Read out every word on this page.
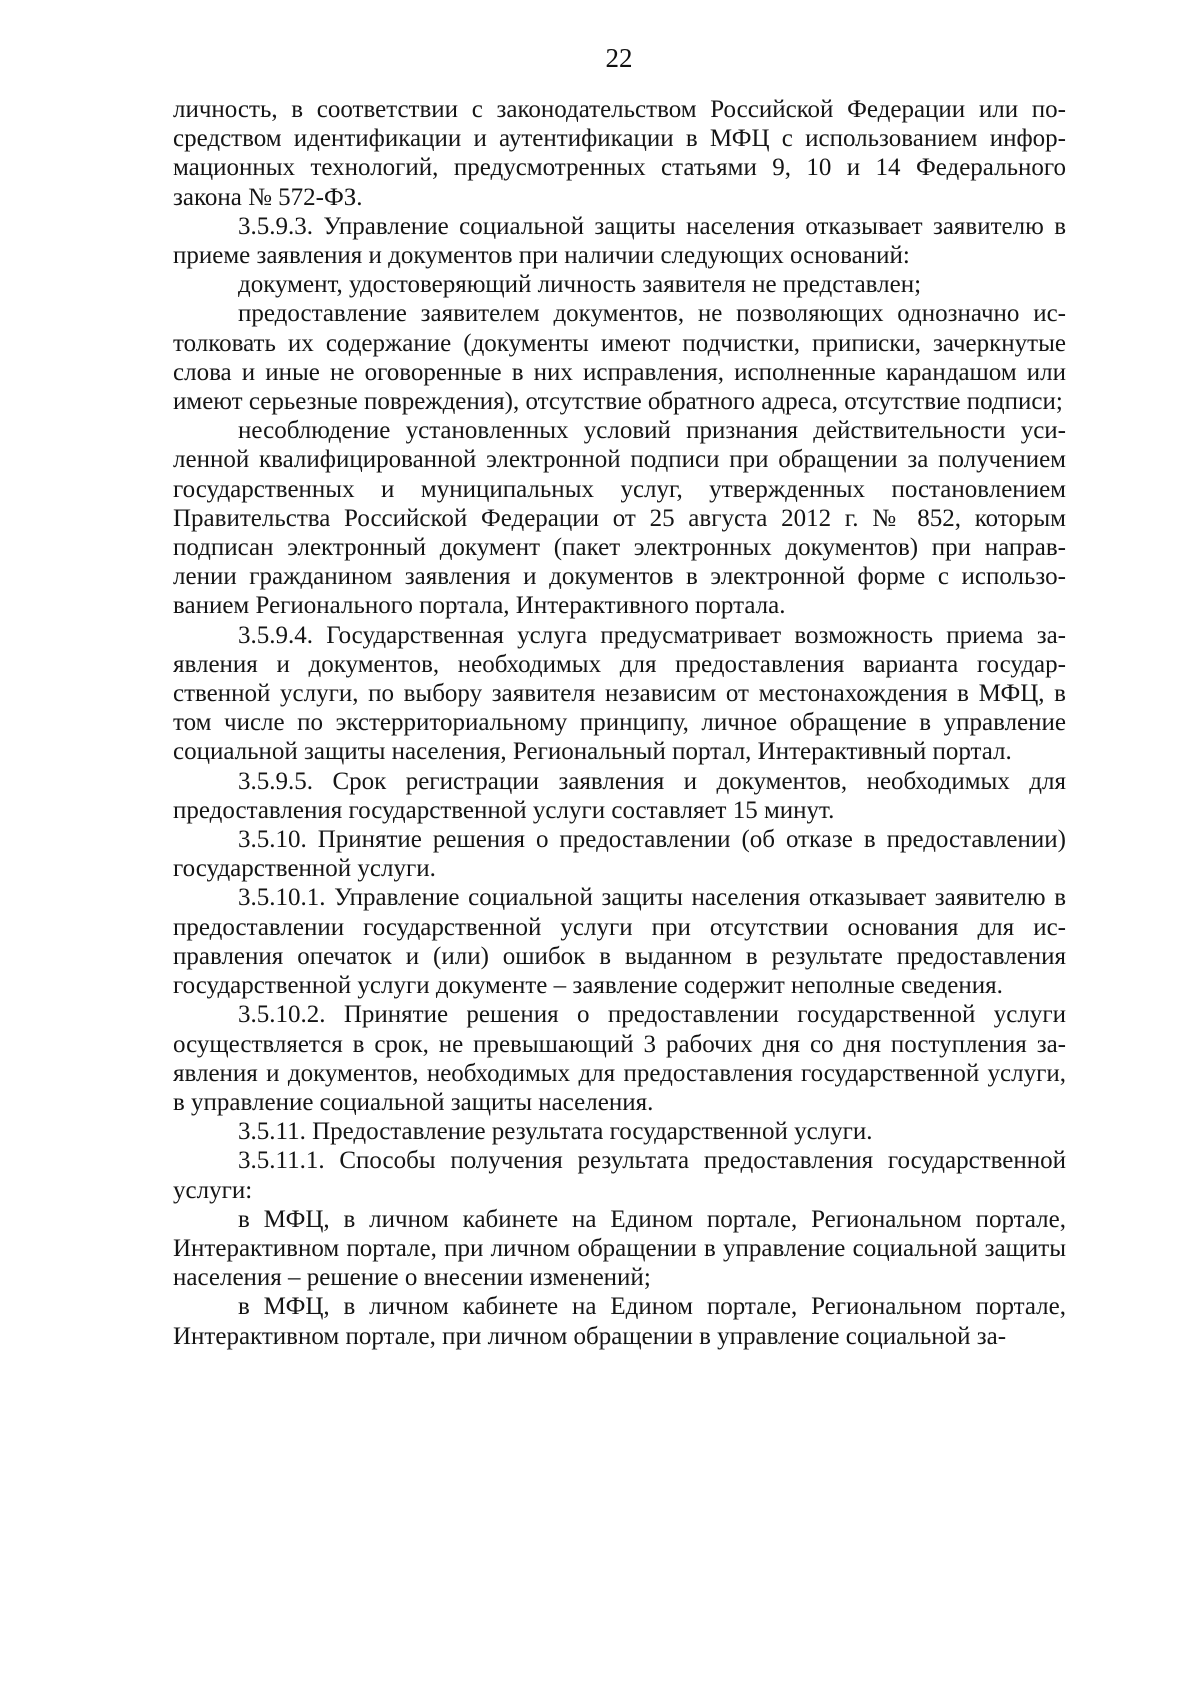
22

личность, в соответствии с законодательством Российской Федерации или посредством идентификации и аутентификации в МФЦ с использованием информационных технологий, предусмотренных статьями 9, 10 и 14 Федерального закона № 572-ФЗ.

3.5.9.3. Управление социальной защиты населения отказывает заявителю в приеме заявления и документов при наличии следующих оснований:

документ, удостоверяющий личность заявителя не представлен;

предоставление заявителем документов, не позволяющих однозначно истолковать их содержание (документы имеют подчистки, приписки, зачеркнутые слова и иные не оговоренные в них исправления, исполненные карандашом или имеют серьезные повреждения), отсутствие обратного адреса, отсутствие подписи;

несоблюдение установленных условий признания действительности усиленной квалифицированной электронной подписи при обращении за получением государственных и муниципальных услуг, утвержденных постановлением Правительства Российской Федерации от 25 августа 2012 г. № 852, которым подписан электронный документ (пакет электронных документов) при направлении гражданином заявления и документов в электронной форме с использованием Регионального портала, Интерактивного портала.

3.5.9.4. Государственная услуга предусматривает возможность приема заявления и документов, необходимых для предоставления варианта государственной услуги, по выбору заявителя независим от местонахождения в МФЦ, в том числе по экстерриториальному принципу, личное обращение в управление социальной защиты населения, Региональный портал, Интерактивный портал.

3.5.9.5. Срок регистрации заявления и документов, необходимых для предоставления государственной услуги составляет 15 минут.

3.5.10. Принятие решения о предоставлении (об отказе в предоставлении) государственной услуги.

3.5.10.1. Управление социальной защиты населения отказывает заявителю в предоставлении государственной услуги при отсутствии основания для исправления опечаток и (или) ошибок в выданном в результате предоставления государственной услуги документе – заявление содержит неполные сведения.

3.5.10.2. Принятие решения о предоставлении государственной услуги осуществляется в срок, не превышающий 3 рабочих дня со дня поступления заявления и документов, необходимых для предоставления государственной услуги, в управление социальной защиты населения.

3.5.11. Предоставление результата государственной услуги.

3.5.11.1. Способы получения результата предоставления государственной услуги:

в МФЦ, в личном кабинете на Едином портале, Региональном портале, Интерактивном портале, при личном обращении в управление социальной защиты населения – решение о внесении изменений;

в МФЦ, в личном кабинете на Едином портале, Региональном портале, Интерактивном портале, при личном обращении в управление социальной за-
